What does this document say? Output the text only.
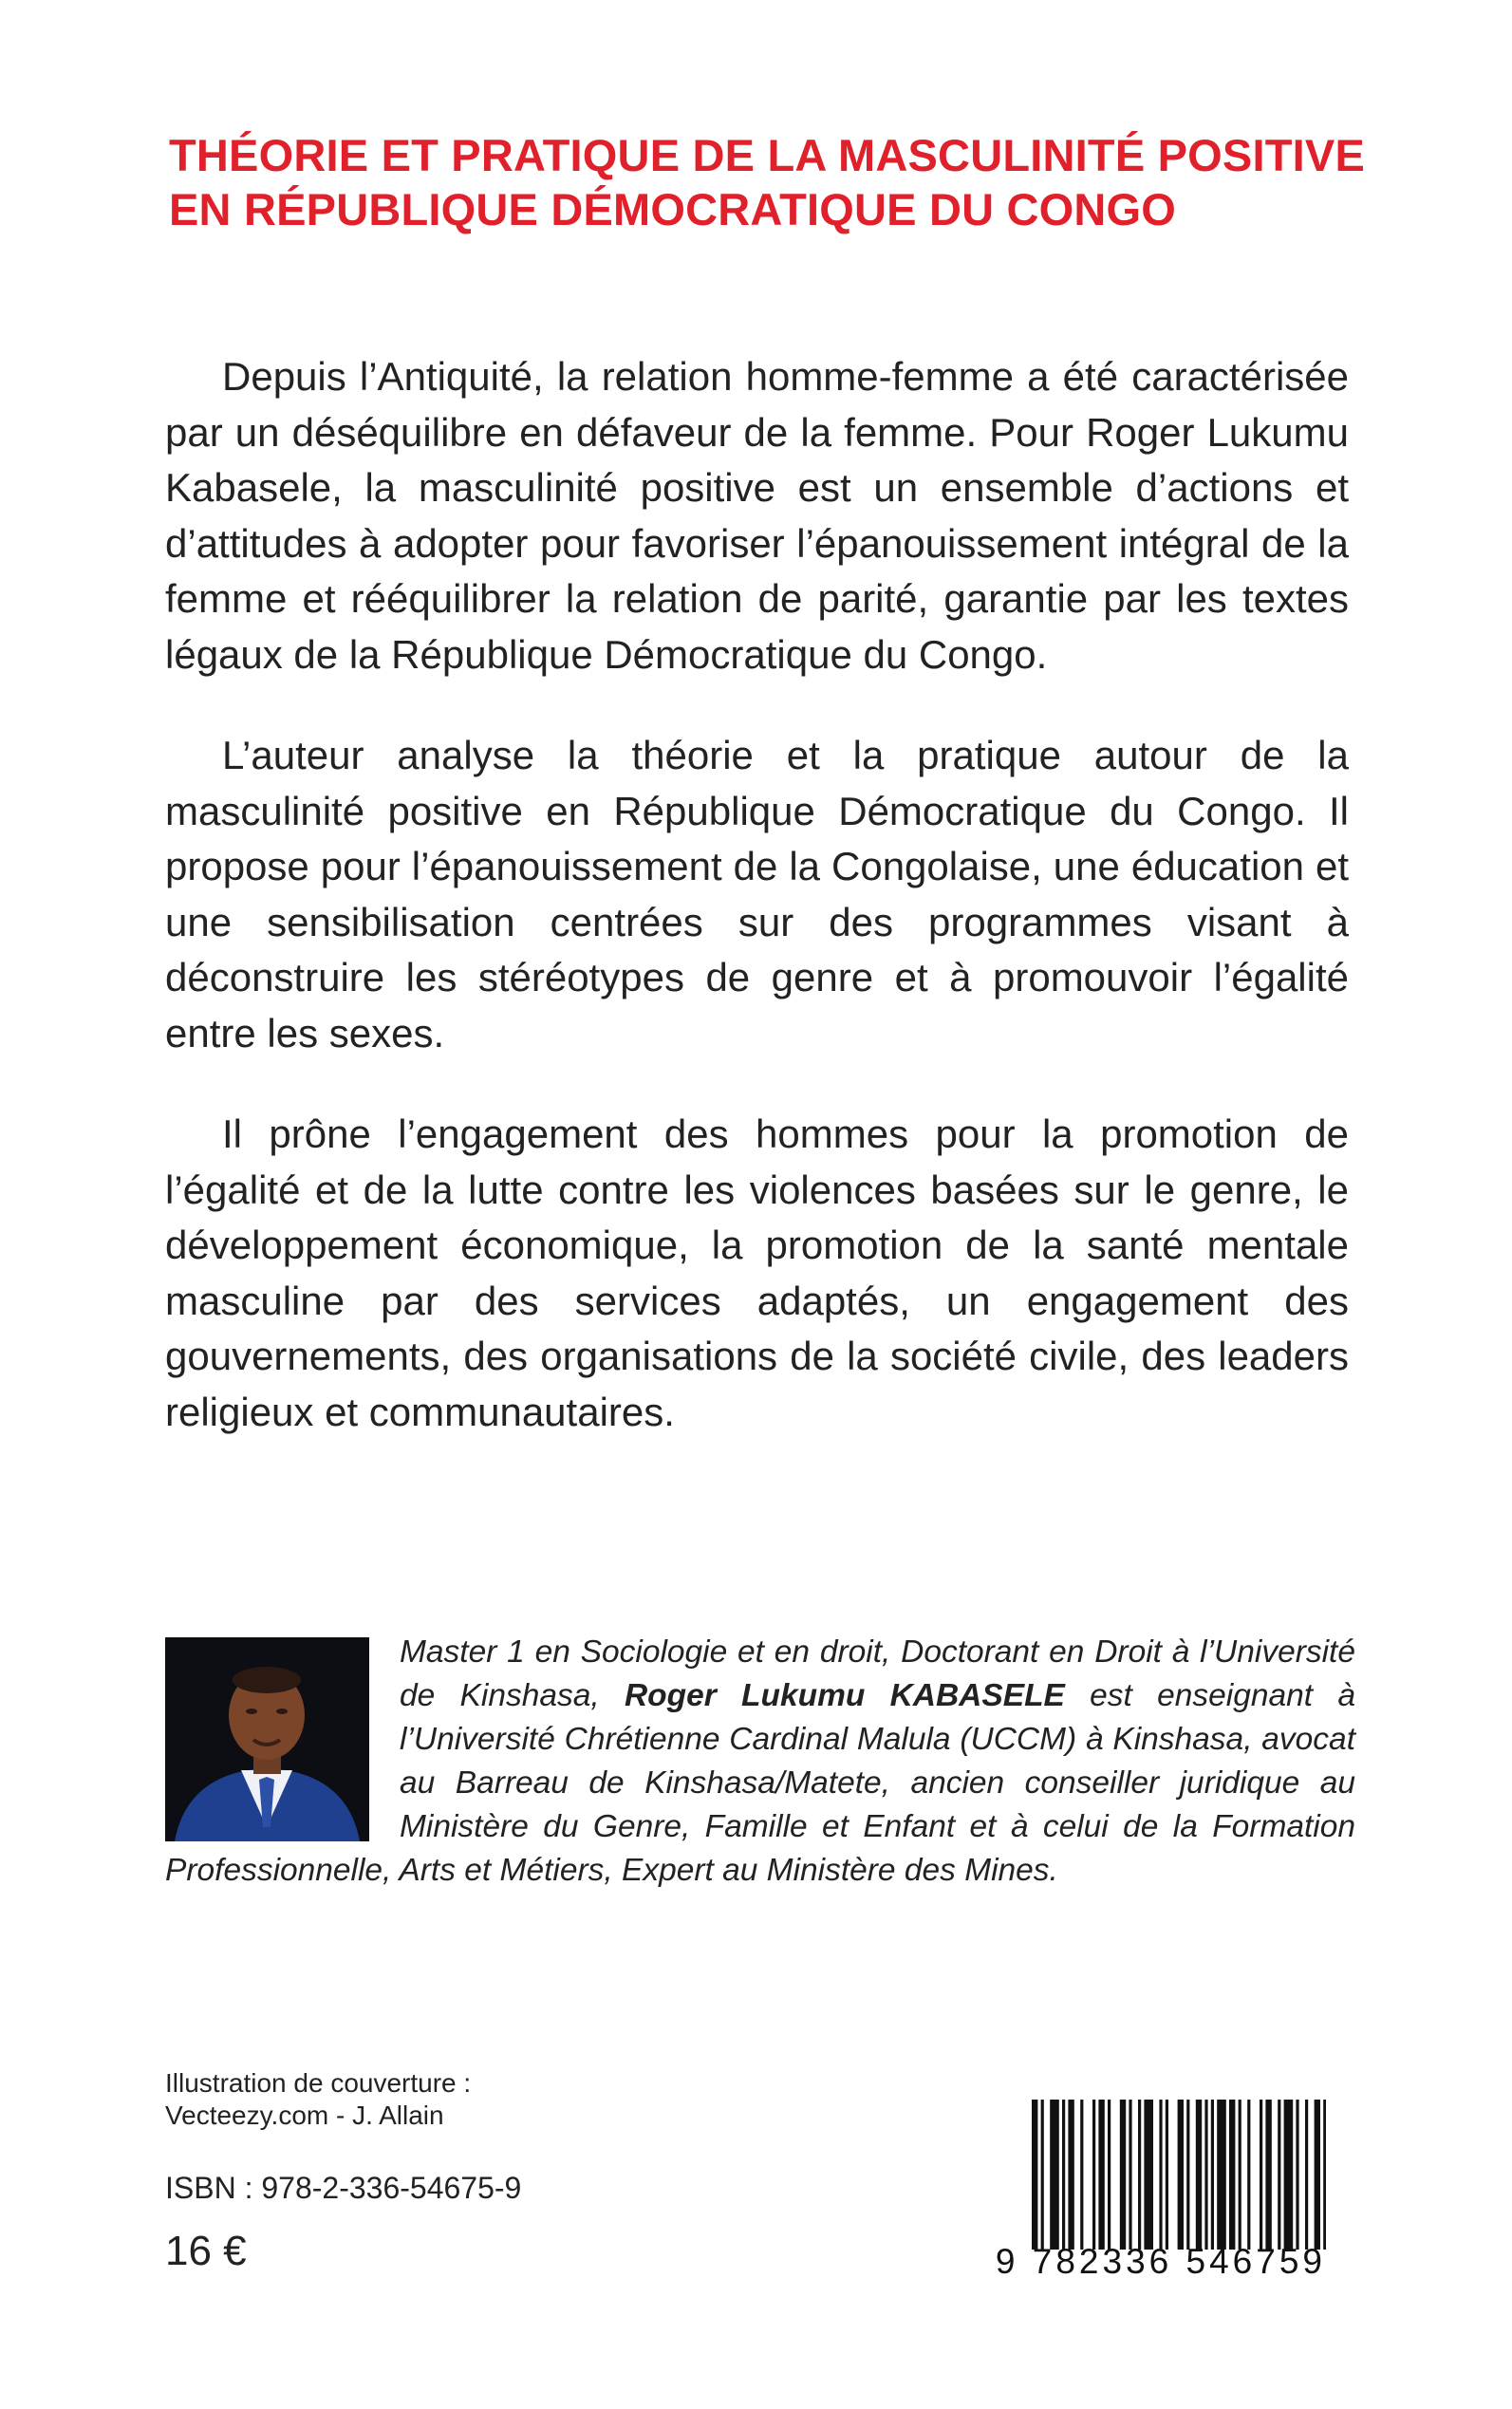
THÉORIE ET PRATIQUE DE LA MASCULINITÉ POSITIVE
EN RÉPUBLIQUE DÉMOCRATIQUE DU CONGO

Depuis l’Antiquité, la relation homme-femme a été caractérisée par un déséquilibre en défaveur de la femme. Pour Roger Lukumu Kabasele, la masculinité positive est un ensemble d’actions et d’attitudes à adopter pour favoriser l’épanouissement intégral de la femme et rééquilibrer la relation de parité, garantie par les textes légaux de la République Démocratique du Congo.

L’auteur analyse la théorie et la pratique autour de la masculinité positive en République Démocratique du Congo. Il propose pour l’épanouissement de la Congolaise, une éducation et une sensibilisation centrées sur des programmes visant à déconstruire les stéréotypes de genre et à promouvoir l’égalité entre les sexes.

Il prône l’engagement des hommes pour la promotion de l’égalité et de la lutte contre les violences basées sur le genre, le développement économique, la promotion de la santé mentale masculine par des services adaptés, un engagement des gouvernements, des organisations de la société civile, des leaders religieux et communautaires.

Master 1 en Sociologie et en droit, Doctorant en Droit à l’Université de Kinshasa, Roger Lukumu KABASELE est enseignant à l’Université Chrétienne Cardinal Malula (UCCM) à Kinshasa, avocat au Barreau de Kinshasa/Matete, ancien conseiller juridique au Ministère du Genre, Famille et Enfant et à celui de la Formation Professionnelle, Arts et Métiers, Expert au Ministère des Mines.
Illustration de couverture :
Vecteezy.com - J. Allain
ISBN : 978-2-336-54675-9
16 €	9 782336 546759
